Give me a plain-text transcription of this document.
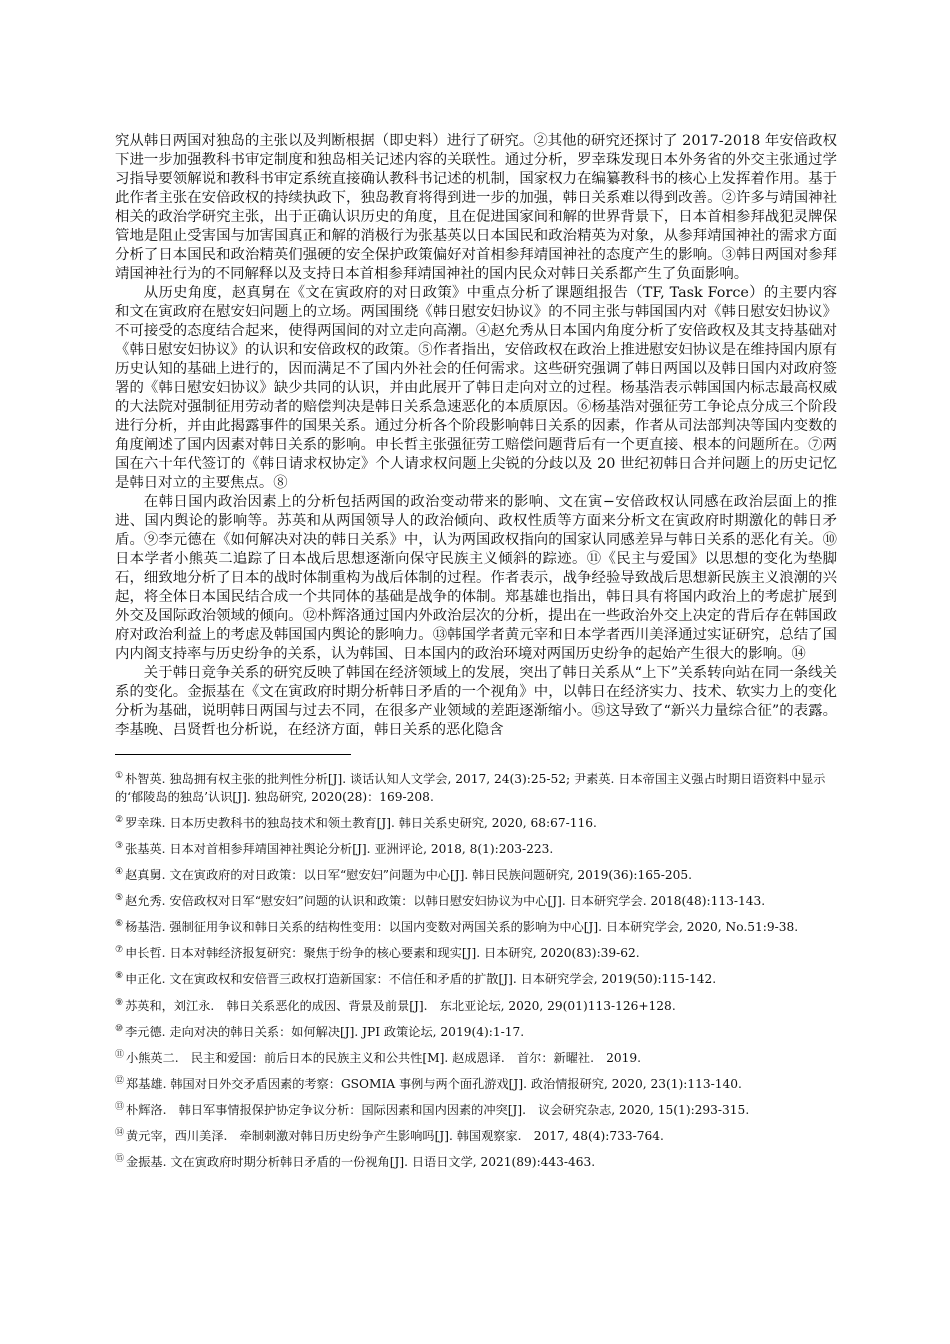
究从韩日两国对独岛的主张以及判断根据（即史料）进行了研究。②其他的研究还探讨了 2017-2018 年安倍政权下进一步加强教科书审定制度和独岛相关记述内容的关联性。通过分析，罗幸珠发现日本外务省的外交主张通过学习指导要领解说和教科书审定系统直接确认教科书记述的机制，国家权力在编纂教科书的核心上发挥着作用。基于此作者主张在安倍政权的持续执政下，独岛教育将得到进一步的加强，韩日关系难以得到改善。②许多与靖国神社相关的政治学研究主张，出于正确认识历史的角度，且在促进国家间和解的世界背景下，日本首相参拜战犯灵牌保管地是阻止受害国与加害国真正和解的消极行为张基英以日本国民和政治精英为对象，从参拜靖国神社的需求方面分析了日本国民和政治精英们强硬的安全保护政策偏好对首相参拜靖国神社的态度产生的影响。③韩日两国对参拜靖国神社行为的不同解释以及支持日本首相参拜靖国神社的国内民众对韩日关系都产生了负面影响。

从历史角度，赵真舅在《文在寅政府的对日政策》中重点分析了课题组报告（TF, Task Force）的主要内容和文在寅政府在慰安妇问题上的立场。两国围绕《韩日慰安妇协议》的不同主张与韩国国内对《韩日慰安妇协议》不可接受的态度结合起来，使得两国间的对立走向高潮。④赵允秀从日本国内角度分析了安倍政权及其支持基础对《韩日慰安妇协议》的认识和安倍政权的政策。⑤作者指出，安倍政权在政治上推进慰安妇协议是在维持国内原有历史认知的基础上进行的，因而满足不了国内外社会的任何需求。这些研究强调了韩日两国以及韩日国内对政府签署的《韩日慰安妇协议》缺少共同的认识，并由此展开了韩日走向对立的过程。杨基浩表示韩国国内标志最高权威的大法院对强制征用劳动者的赔偿判决是韩日关系急速恶化的本质原因。⑥杨基浩对强征劳工争论点分成三个阶段进行分析，并由此揭露事件的国果关系。通过分析各个阶段影响韩日关系的因素，作者从司法部判决等国内变数的角度阐述了国内因素对韩日关系的影响。申长哲主张强征劳工赔偿问题背后有一个更直接、根本的问题所在。⑦两国在六十年代签订的《韩日请求权协定》个人请求权问题上尖锐的分歧以及 20 世纪初韩日合并问题上的历史记忆是韩日对立的主要焦点。⑧

在韩日国内政治因素上的分析包括两国的政治变动带来的影响、文在寅−安倍政权认同感在政治层面上的推进、国内舆论的影响等。苏英和从两国领导人的政治倾向、政权性质等方面来分析文在寅政府时期激化的韩日矛盾。⑨李元德在《如何解决对决的韩日关系》中，认为两国政权指向的国家认同感差异与韩日关系的恶化有关。⑩日本学者小熊英二追踪了日本战后思想逐渐向保守民族主义倾斜的踪迹。⑪《民主与爱国》以思想的变化为垫脚石，细致地分析了日本的战时体制重构为战后体制的过程。作者表示，战争经验导致战后思想新民族主义浪潮的兴起，将全体日本国民结合成一个共同体的基础是战争的体制。郑基雄也指出，韩日具有将国内政治上的考虑扩展到外交及国际政治领域的倾向。⑫朴辉洛通过国内外政治层次的分析，提出在一些政治外交上决定的背后存在韩国政府对政治利益上的考虑及韩国国内舆论的影响力。⑬韩国学者黄元宰和日本学者西川美泽通过实证研究，总结了国内内阁支持率与历史纷争的关系，认为韩国、日本国内的政治环境对两国历史纷争的起始产生很大的影响。⑭

关于韩日竞争关系的研究反映了韩国在经济领域上的发展，突出了韩日关系从“上下”关系转向站在同一条线关系的变化。金振基在《文在寅政府时期分析韩日矛盾的一个视角》中，以韩日在经济实力、技术、软实力上的变化分析为基础，说明韩日两国与过去不同，在很多产业领域的差距逐渐缩小。⑮这导致了“新兴力量综合征”的表露。李基晚、吕贤哲也分析说，在经济方面，韩日关系的恶化隐含

① 朴智英. 独岛拥有权主张的批判性分析[J]. 谈话认知人文学会, 2017, 24(3):25-52; 尹素英. 日本帝国主义强占时期日语资料中显示的‘郁陵岛的独岛’认识[J]. 独岛研究, 2020(28)：169-208.

② 罗幸珠. 日本历史教科书的独岛技术和领土教育[J]. 韩日关系史研究, 2020, 68:67-116.

③ 张基英. 日本对首相参拜靖国神社舆论分析[J]. 亚洲评论, 2018, 8(1):203-223.

④ 赵真舅. 文在寅政府的对日政策：以日军“慰安妇”问题为中心[J]. 韩日民族问题研究, 2019(36):165-205.

⑤ 赵允秀. 安倍政权对日军“慰安妇”问题的认识和政策：以韩日慰安妇协议为中心[J]. 日本研究学会. 2018(48):113-143.

⑥ 杨基浩. 强制征用争议和韩日关系的结构性变用：以国内变数对两国关系的影响为中心[J]. 日本研究学会, 2020, No.51:9-38.

⑦ 申长哲. 日本对韩经济报复研究：聚焦于纷争的核心要素和现实[J]. 日本研究, 2020(83):39-62.

⑧ 申正化. 文在寅政权和安倍晋三政权打造新国家：不信任和矛盾的扩散[J]. 日本研究学会, 2019(50):115-142.

⑨ 苏英和，刘江永.　韩日关系恶化的成因、背景及前景[J].　东北亚论坛, 2020, 29(01)113-126+128.

⑩ 李元德. 走向对决的韩日关系：如何解决[J]. JPI 政策论坛, 2019(4):1-17.

⑪ 小熊英二.　民主和爱国：前后日本的民族主义和公共性[M]. 赵成恩译.　首尔：新曜社.　2019.

⑫ 郑基雄. 韩国对日外交矛盾因素的考察：GSOMIA 事例与两个面孔游戏[J]. 政治情报研究, 2020, 23(1):113-140.

⑬ 朴辉洛.　韩日军事情报保护协定争议分析：国际因素和国内因素的冲突[J].　议会研究杂志, 2020, 15(1):293-315.

⑭ 黄元宰，西川美泽.　牵制刺激对韩日历史纷争产生影响吗[J]. 韩国观察家.　2017, 48(4):733-764.

⑮ 金振基. 文在寅政府时期分析韩日矛盾的一份视角[J]. 日语日文学, 2021(89):443-463.
